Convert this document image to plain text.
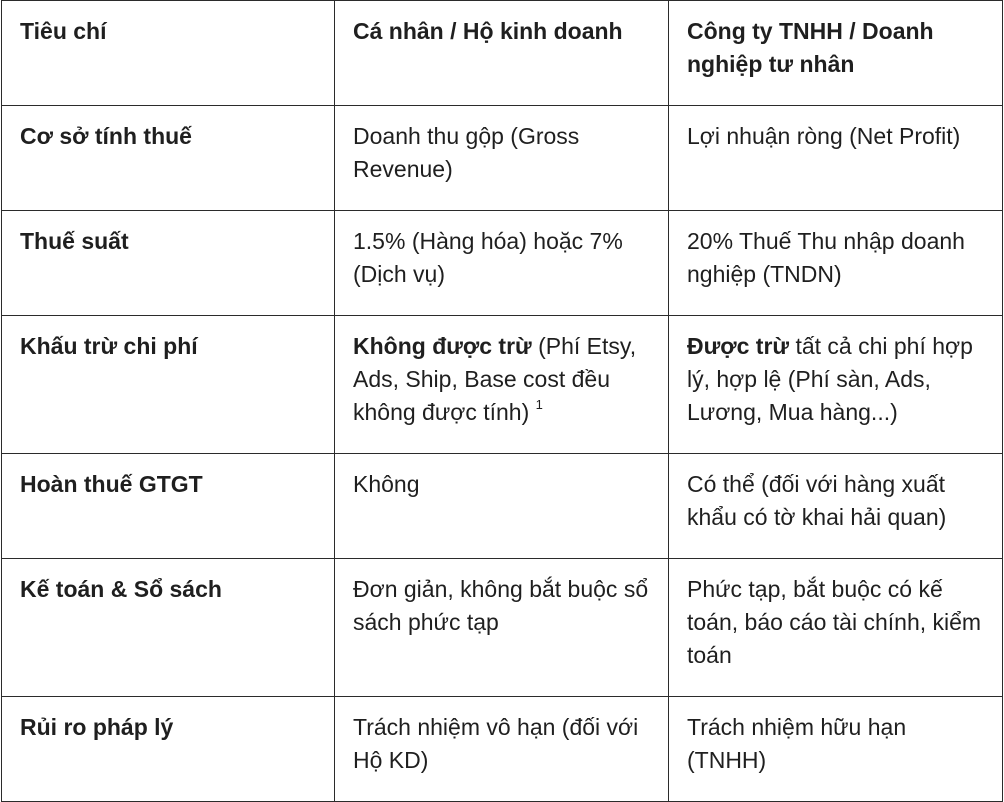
Tiêu chí	Cá nhân / Hộ kinh doanh	Công ty TNHH / Doanh nghiệp tư nhân
Cơ sở tính thuế	Doanh thu gộp (Gross Revenue)	Lợi nhuận ròng (Net Profit)
Thuế suất	1.5% (Hàng hóa) hoặc 7% (Dịch vụ)	20% Thuế Thu nhập doanh nghiệp (TNDN)
Khấu trừ chi phí	Không được trừ (Phí Etsy, Ads, Ship, Base cost đều không được tính) $^1$	Được trừ tất cả chi phí hợp lý, hợp lệ (Phí sàn, Ads, Lương, Mua hàng...)
Hoàn thuế GTGT	Không	Có thể (đối với hàng xuất khẩu có tờ khai hải quan)
Kế toán & Sổ sách	Đơn giản, không bắt buộc sổ sách phức tạp	Phức tạp, bắt buộc có kế toán, báo cáo tài chính, kiểm toán
Rủi ro pháp lý	Trách nhiệm vô hạn (đối với Hộ KD)	Trách nhiệm hữu hạn (TNHH)
